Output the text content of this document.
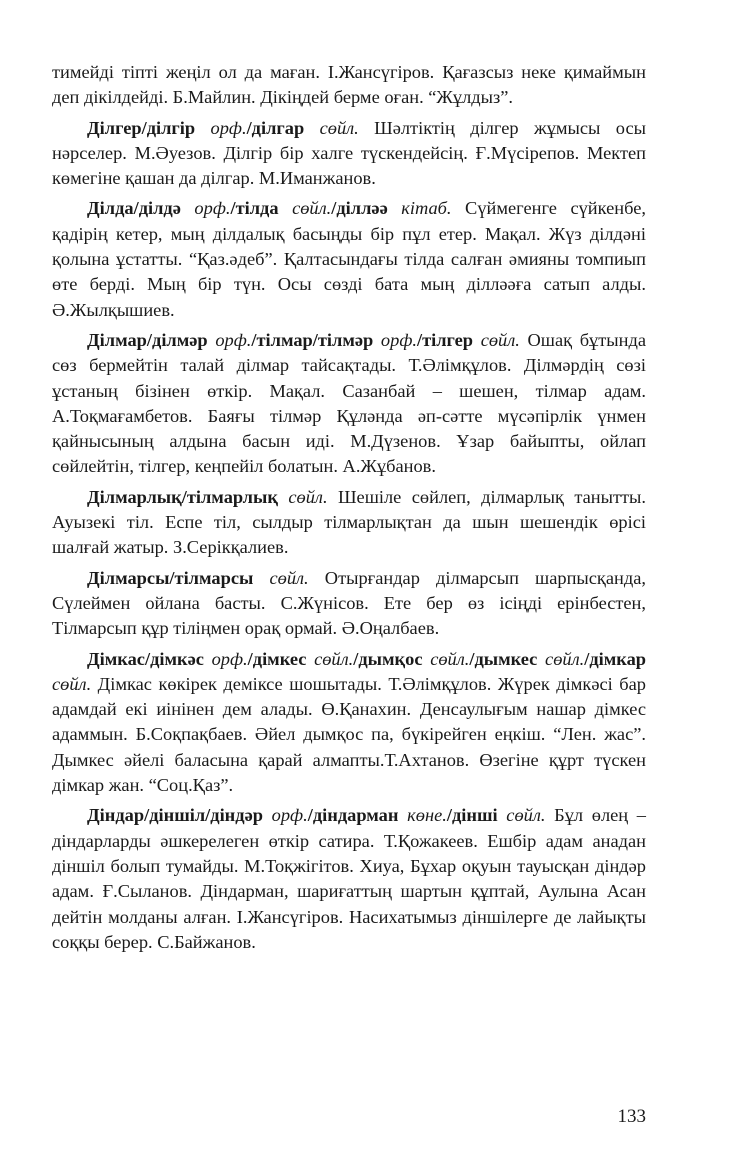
тимейді тіпті жеңіл ол да маған. І.Жансүгіров. Қағазсыз неке қимаймын деп дікілдейді. Б.Майлин. Дікіңдей берме оған. “Жұлдыз”.

Ділгер/ділгір орф./ділгар сөйл. Шәлтіктің ділгер жұмысы осы нәрселер. М.Әуезов. Ділгір бір халге түскендейсің. Ғ.Мүсірепов. Мектеп көмегіне қашан да ділгар. М.Иманжанов.

Ділда/ділдә орф./тілда сөйл./ділләә кітаб. Сүймегенге сүйкенбе, қадірің кетер, мың ділдалық басыңды бір пұл етер. Мақал. Жүз ділдәні қолына ұстатты. “Қаз.әдеб”. Қалтасындағы тілда салған әмияны томпиып өте берді. Мың бір түн. Осы сөзді бата мың ділләәға сатып алды. Ә.Жылқышиев.

Ділмар/ділмәр орф./тілмар/тілмәр орф./тілгер сөйл. Ошақ бұтында сөз бермейтін талай ділмар тайсақтады. Т.Әлімқұлов. Ділмәрдің сөзі ұстаның бізінен өткір. Мақал. Сазанбай – шешен, тілмар адам. А.Тоқмағамбетов. Баяғы тілмәр Құләнда әп-сәтте мүсәпірлік үнмен қайнысының алдына басын иді. М.Дүзенов. Ұзар байыпты, ойлап сөйлейтін, тілгер, кеңпейіл болатын. А.Жұбанов.

Ділмарлық/тілмарлық сөйл. Шешіле сөйлеп, ділмарлық танытты. Ауызекі тіл. Еспе тіл, сылдыр тілмарлықтан да шын шешендік өрісі шалғай жатыр. З.Серікқалиев.

Ділмарсы/тілмарсы сөйл. Отырғандар ділмарсып шарпысқанда, Сүлеймен ойлана басты. С.Жүнісов. Ете бер өз ісіңді ерінбестен, Тілмарсып құр тіліңмен орақ ормай. Ә.Оңалбаев.

Дімкас/дімкәс орф./дімкес сөйл./дымқос сөйл./дымкес сөйл./дімкар сөйл. Дімкас көкірек деміксе шошытады. Т.Әлімқұлов. Жүрек дімкәсі бар адамдай екі иінінен дем алады. Ө.Қанахин. Денсаулығым нашар дімкес адаммын. Б.Соқпақбаев. Әйел дымқос па, бүкірейген еңкіш. “Лен. жас”. Дымкес әйелі баласына қарай алмапты.Т.Ахтанов. Өзегіне құрт түскен дімкар жан. “Соц.Қаз”.

Діндар/діншіл/діндәр орф./діндарман көне./діншi сөйл. Бұл өлең – діндарларды әшкерелеген өткір сатира. Т.Қожакеев. Ешбір адам анадан діншіл болып тумайды. М.Тоқжігітов. Хиуа, Бұхар оқуын тауысқан діндәр адам. Ғ.Сыланов. Діндарман, шариғаттың шартын құптай, Аулына Асан дейтін молданы алған. І.Жансүгіров. Насихатымыз діншілерге де лайықты соққы берер. С.Байжанов.

133
